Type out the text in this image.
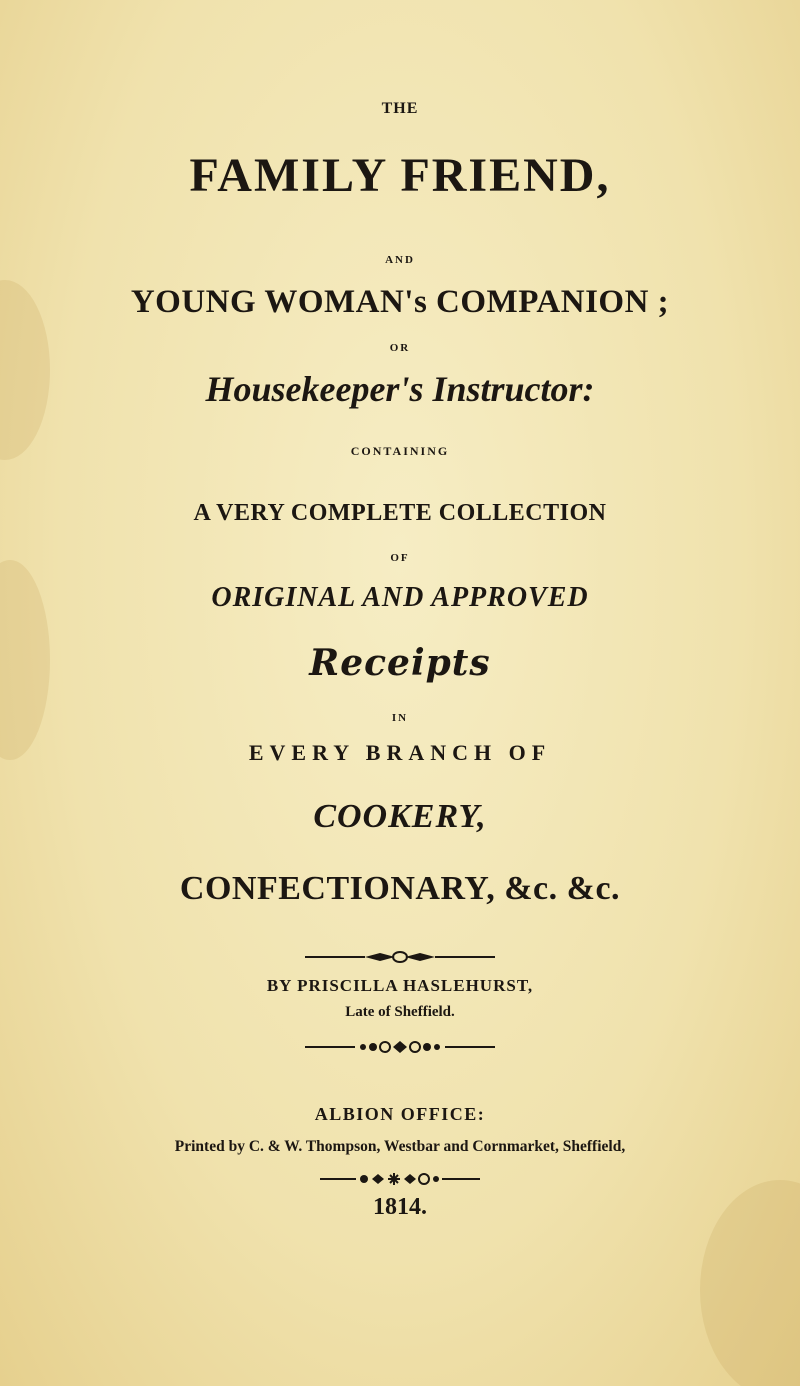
THE
FAMILY FRIEND,
AND
YOUNG WOMAN's COMPANION ;
OR
Housekeeper's Instructor:
CONTAINING
A VERY COMPLETE COLLECTION
OF
ORIGINAL AND APPROVED
Receipts
IN
EVERY BRANCH OF
COOKERY,
CONFECTIONARY, &c. &c.
BY PRISCILLA HASLEHURST,
Late of Sheffield.
ALBION OFFICE:
Printed by C. & W. Thompson, Westbar and Cornmarket, Sheffield,
1814.
